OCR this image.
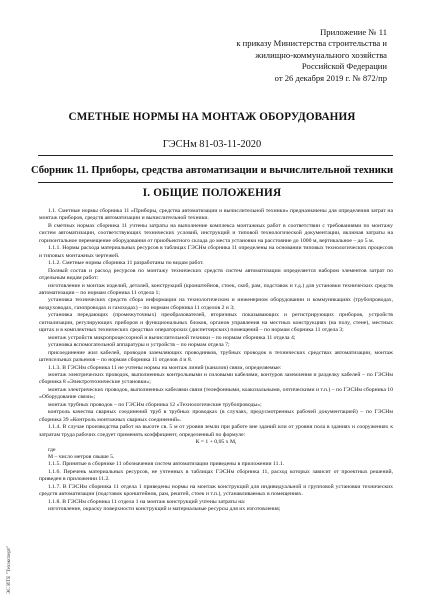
Приложение № 11
к приказу Министерства строительства и
жилищно-коммунального хозяйства
Российской Федерации
от 26 декабря 2019 г. № 872/пр
СМЕТНЫЕ НОРМЫ НА МОНТАЖ ОБОРУДОВАНИЯ
ГЭСНм 81-03-11-2020
Сборник 11. Приборы, средства автоматизации и вычислительной техники
I. ОБЩИЕ ПОЛОЖЕНИЯ

1.1. Сметные нормы сборника 11 «Приборы, средства автоматизации и вычислительной техники» предназначены для определения затрат на монтаж приборов, средств автоматизации и вычислительной техники.

В сметных нормах сборника 11 учтены затраты на выполнение комплекса монтажных работ в соответствии с требованиями по монтажу систем автоматизации, соответствующих технических условий, инструкций и типовой технологической документации, включая затраты на горизонтальное перемещение оборудования от приобъектного склада до места установки на расстояние до 1000 м, вертикальное – до 5 м.

1.1.1. Нормы расхода материальных ресурсов в таблицах ГЭСНм сборника 11 определены на основании типовых технологических процессов и типовых монтажных чертежей.

1.1.2. Сметные нормы сборника 11 разработаны по видам работ.

Полный состав и расход ресурсов по монтажу технических средств систем автоматизации определяется набором элементов затрат по отдельным видам работ:

изготовление и монтаж изделий, деталей, конструкций (кронштейнов, стоек, скоб, рам, подставок и т.д.) для установки технических средств автоматизации – по нормам сборника 11 отдела 1;

установка технических средств сбора информации на технологическом и инженерном оборудовании и коммуникациях (трубопроводах, воздуховодах, газопроводах и газоходах) – по нормам сборника 11 отделов 2 и 3;

установка передающих (промежуточных) преобразователей, вторичных показывающих и регистрирующих приборов, устройств сигнализации, регулирующих приборов и функциональных блоков, органов управления на местных конструкциях (на полу, стене), местных щитах и в комплектных технических средствах операторских (диспетчерских) помещений – по нормам сборника 11 отдела 3;

монтаж устройств микропроцессорной и вычислительной техники – по нормам сборника 11 отдела 4;

установка вспомогательной аппаратуры и устройств – по нормам отдела 7;

присоединение жил кабелей, проводов заземляющих проводников, трубных проводок в технических средствах автоматизации, монтаж штепсельных разъемов – по нормам сборника 11 отделов 4 и 8.

1.1.3. В ГЭСНм сборника 11 не учтены нормы на монтаж линий (каналов) связи, определяемые:

монтаж электрических проводок, выполненных контрольными и силовыми кабелями, контуров заземления и разделку кабелей – по ГЭСНм сборника 8 «Электротехнические установки»;

монтаж электрических проводок, выполненных кабелями связи (телефонными, коаксиальными, оптическими и т.п.) – по ГЭСНм сборника 10 «Оборудование связи»;

монтаж трубных проводок – по ГЭСНм сборника 12 «Технологические трубопроводы»;

контроль качества сварных соединений труб в трубных проводках (в случаях, предусмотренных рабочей документацией) – по ГЭСНм сборника 39 «Контроль монтажных сварных соединений».

1.1.4. В случае производства работ на высоте св. 5 м от уровня земли при работе вне зданий или от уровня пола в зданиях и сооружениях к затратам труда рабочих следует применять коэффициент, определенный по формуле:

К = 1 + 0,05 х М,

где

М – число метров свыше 5.

1.1.5. Принятые в сборнике 11 обозначения систем автоматизации приведены в приложении 11.1.

1.1.6. Перечень материальных ресурсов, не учтенных в таблицах ГЭСНм сборника 11, расход которых зависит от проектных решений, приведен в приложении 11.2.

1.1.7. В ГЭСНм сборника 11 отдела 1 приведены нормы на монтаж конструкций для индивидуальной и групповой установки технических средств автоматизации (подставок кронштейнов, рам, рештей, стоек и т.п.), устанавливаемых в помещениях.

1.1.8. В ГЭСНм сборника 11 отдела 1 на монтаж конструкций учтены затраты на:

изготовление, окраску поверхности конструкций и материальные ресурсы для их изготовления;

ЭС ИТЕ "Техэксперт"
